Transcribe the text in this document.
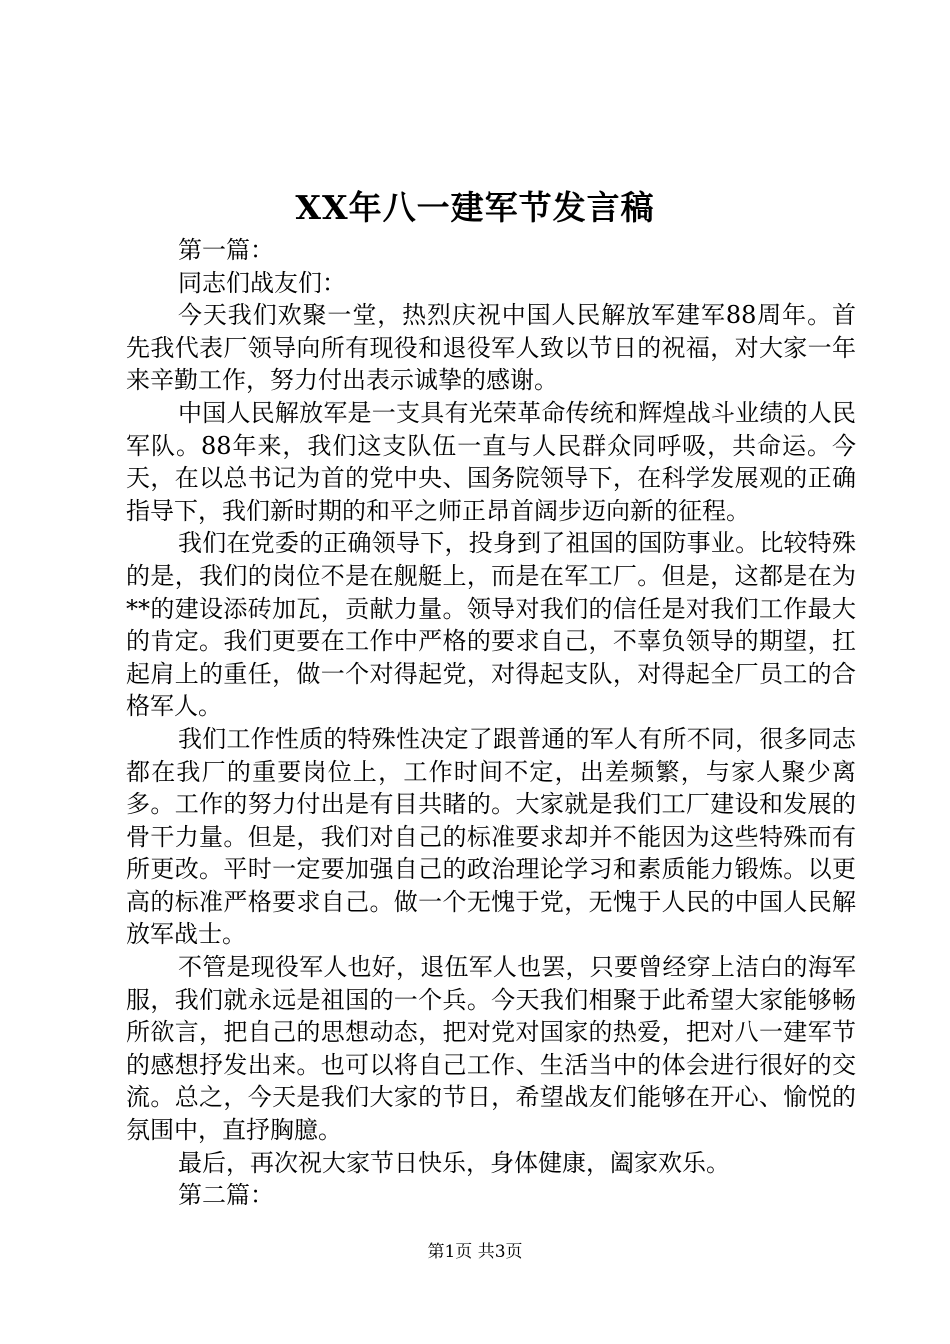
XX年八一建军节发言稿

第一篇：

同志们战友们：

今天我们欢聚一堂，热烈庆祝中国人民解放军建军88周年。首先我代表厂领导向所有现役和退役军人致以节日的祝福，对大家一年来辛勤工作，努力付出表示诚挚的感谢。

中国人民解放军是一支具有光荣革命传统和辉煌战斗业绩的人民军队。88年来，我们这支队伍一直与人民群众同呼吸，共命运。今天，在以总书记为首的党中央、国务院领导下，在科学发展观的正确指导下，我们新时期的和平之师正昂首阔步迈向新的征程。

我们在党委的正确领导下，投身到了祖国的国防事业。比较特殊的是，我们的岗位不是在舰艇上，而是在军工厂。但是，这都是在为**的建设添砖加瓦，贡献力量。领导对我们的信任是对我们工作最大的肯定。我们更要在工作中严格的要求自己，不辜负领导的期望，扛起肩上的重任，做一个对得起党，对得起支队，对得起全厂员工的合格军人。

我们工作性质的特殊性决定了跟普通的军人有所不同，很多同志都在我厂的重要岗位上，工作时间不定，出差频繁，与家人聚少离多。工作的努力付出是有目共睹的。大家就是我们工厂建设和发展的骨干力量。但是，我们对自己的标准要求却并不能因为这些特殊而有所更改。平时一定要加强自己的政治理论学习和素质能力锻炼。以更高的标准严格要求自己。做一个无愧于党，无愧于人民的中国人民解放军战士。

不管是现役军人也好，退伍军人也罢，只要曾经穿上洁白的海军服，我们就永远是祖国的一个兵。今天我们相聚于此希望大家能够畅所欲言，把自己的思想动态，把对党对国家的热爱，把对八一建军节的感想抒发出来。也可以将自己工作、生活当中的体会进行很好的交流。总之，今天是我们大家的节日，希望战友们能够在开心、愉悦的氛围中，直抒胸臆。

最后，再次祝大家节日快乐，身体健康，阖家欢乐。

第二篇：

第1页 共3页
